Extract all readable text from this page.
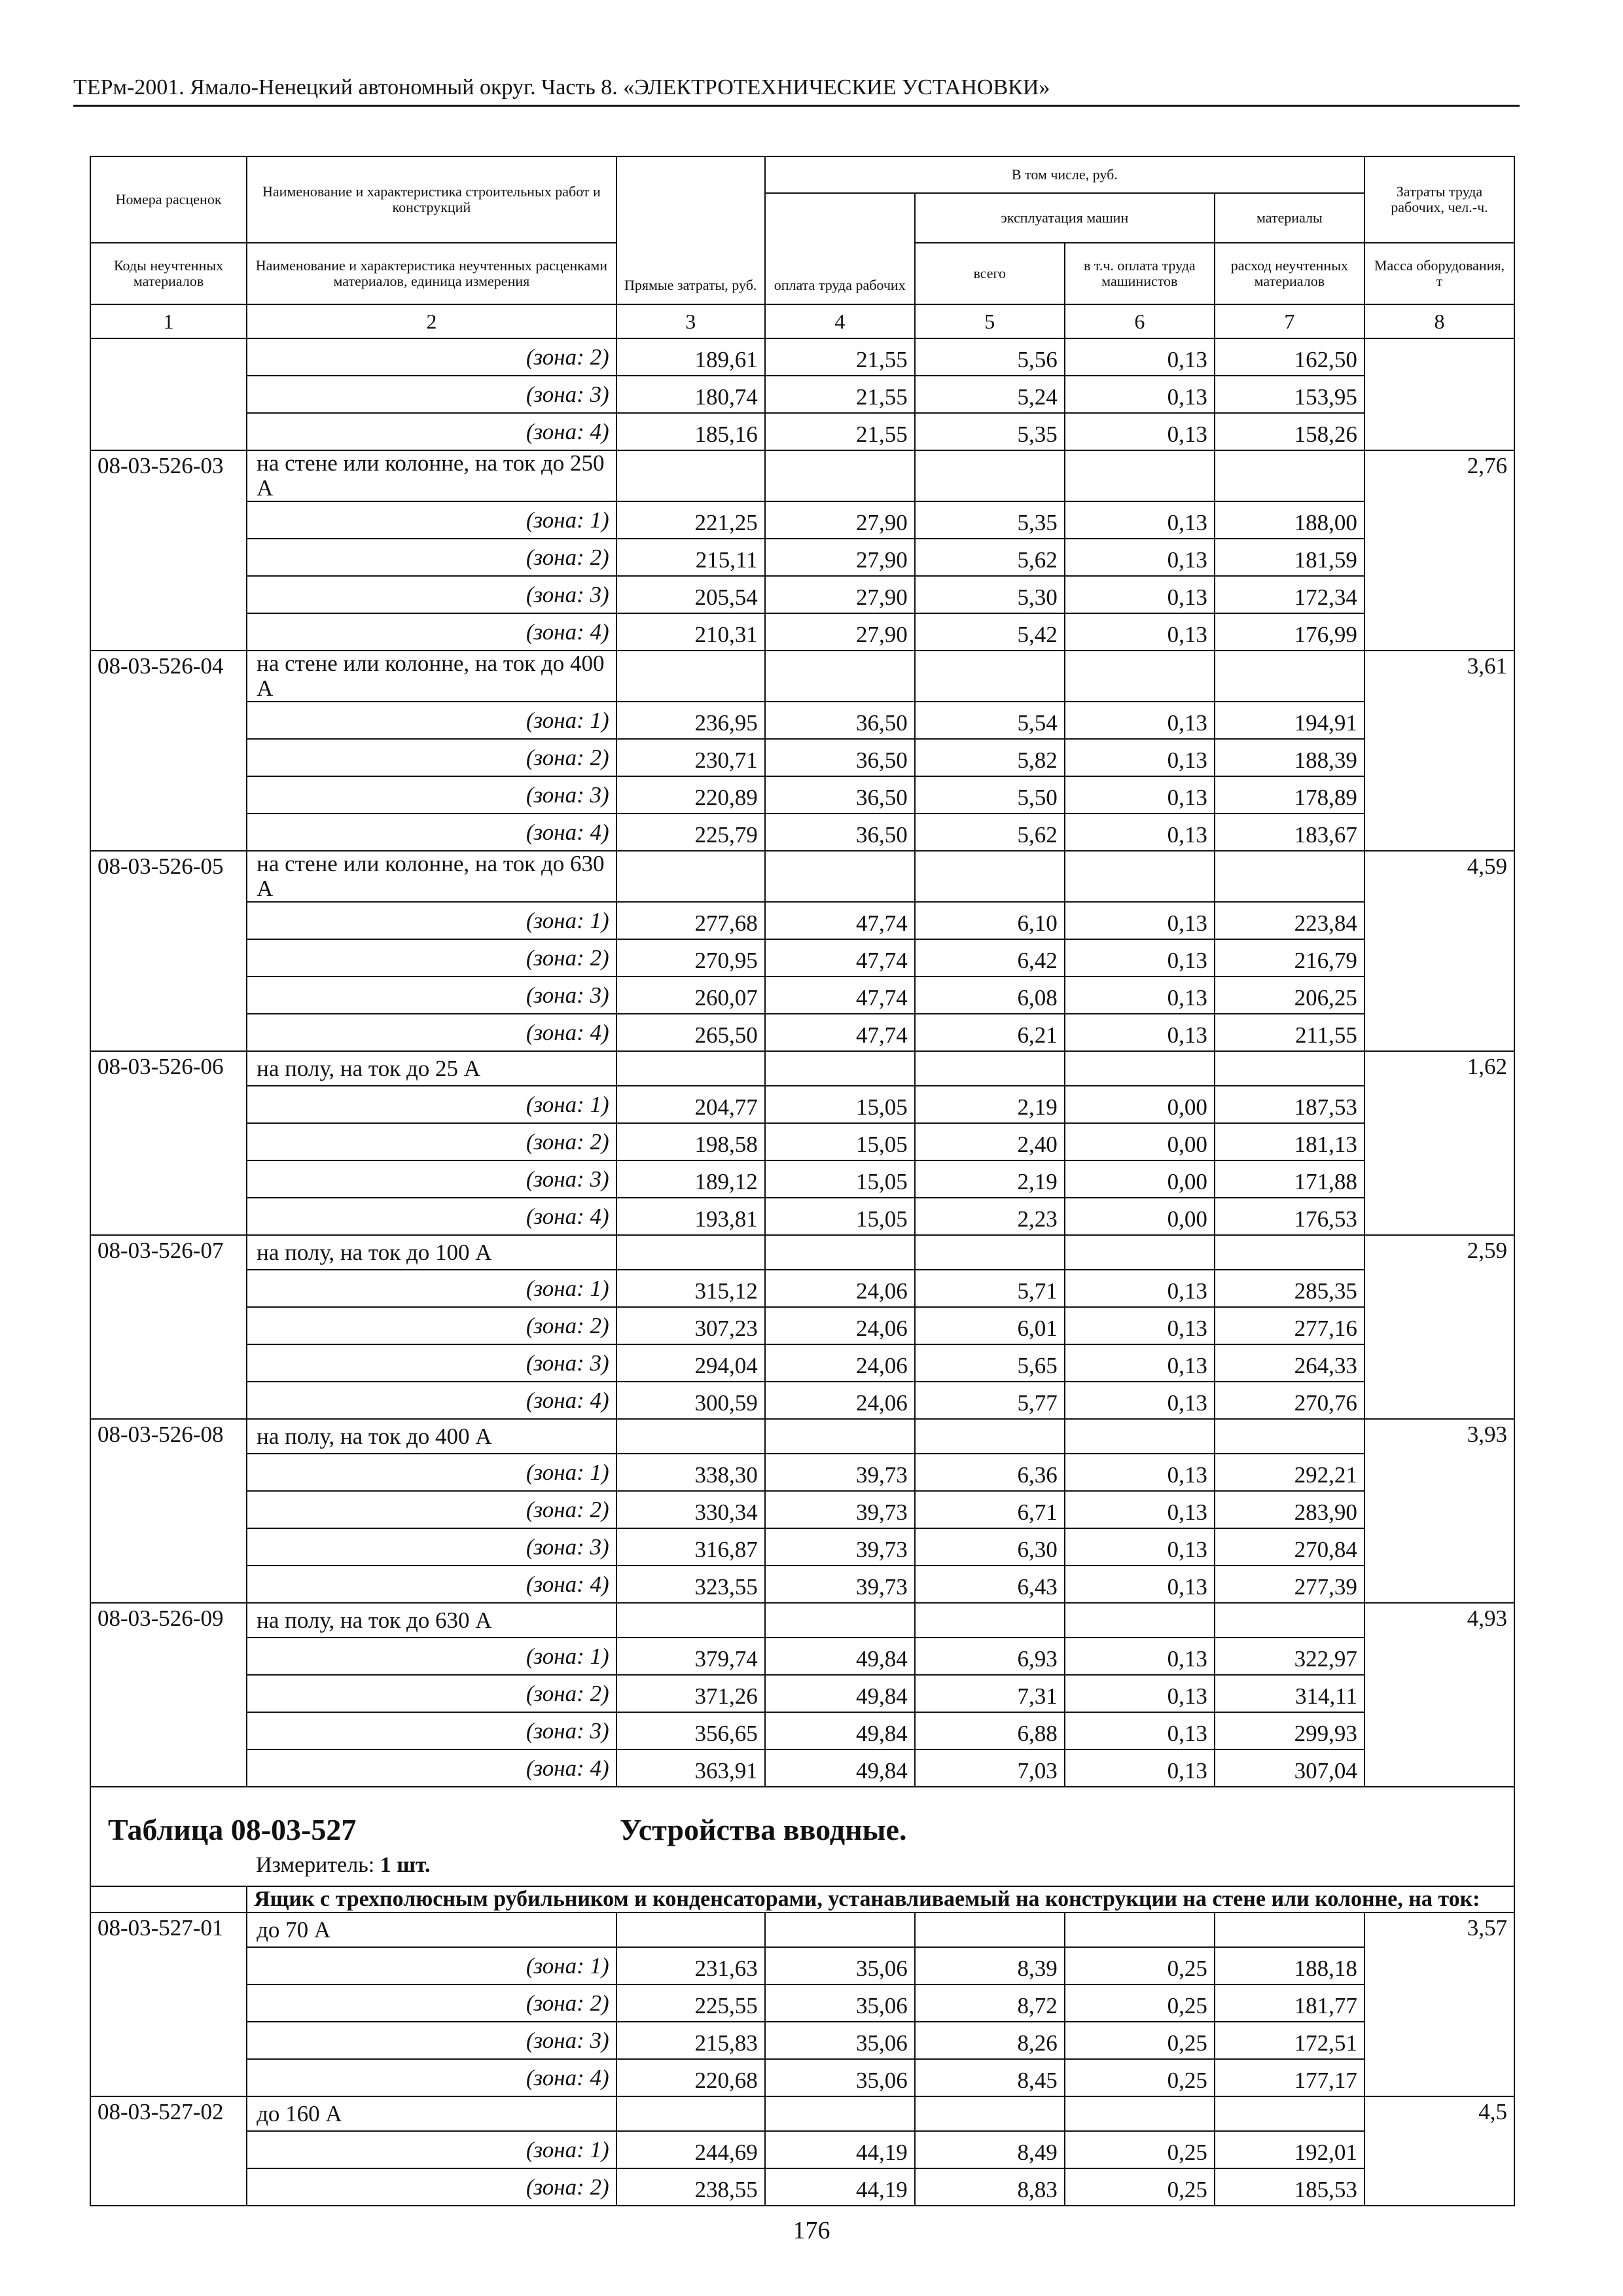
ТЕРм-2001. Ямало-Ненецкий автономный округ. Часть 8. «ЭЛЕКТРОТЕХНИЧЕСКИЕ УСТАНОВКИ»
Номера расценок	Наименование и характеристика строительных работ и конструкций	Прямые затраты, руб.	В том числе, руб.				Затраты труда рабочих, чел.-ч.
			оплата труда рабочих	эксплуатация машин		материалы	
Коды неучтенных материалов	Наименование и характеристика неучтенных расценками материалов, единица измерения			всего	в т.ч. оплата труда машинистов	расход неучтенных материалов	Масса оборудования, т
1	2	3	4	5	6	7	8
	(зона: 2)	189,61	21,55	5,56	0,13	162,50	
	(зона: 3)	180,74	21,55	5,24	0,13	153,95	
	(зона: 4)	185,16	21,55	5,35	0,13	158,26	
08-03-526-03	на стене или колонне, на ток до 250 А						2,76
	(зона: 1)	221,25	27,90	5,35	0,13	188,00	
	(зона: 2)	215,11	27,90	5,62	0,13	181,59	
	(зона: 3)	205,54	27,90	5,30	0,13	172,34	
	(зона: 4)	210,31	27,90	5,42	0,13	176,99	
08-03-526-04	на стене или колонне, на ток до 400 А						3,61
	(зона: 1)	236,95	36,50	5,54	0,13	194,91	
	(зона: 2)	230,71	36,50	5,82	0,13	188,39	
	(зона: 3)	220,89	36,50	5,50	0,13	178,89	
	(зона: 4)	225,79	36,50	5,62	0,13	183,67	
08-03-526-05	на стене или колонне, на ток до 630 А						4,59
	(зона: 1)	277,68	47,74	6,10	0,13	223,84	
	(зона: 2)	270,95	47,74	6,42	0,13	216,79	
	(зона: 3)	260,07	47,74	6,08	0,13	206,25	
	(зона: 4)	265,50	47,74	6,21	0,13	211,55	
08-03-526-06	на полу, на ток до 25 А						1,62
	(зона: 1)	204,77	15,05	2,19	0,00	187,53	
	(зона: 2)	198,58	15,05	2,40	0,00	181,13	
	(зона: 3)	189,12	15,05	2,19	0,00	171,88	
	(зона: 4)	193,81	15,05	2,23	0,00	176,53	
08-03-526-07	на полу, на ток до 100 А						2,59
	(зона: 1)	315,12	24,06	5,71	0,13	285,35	
	(зона: 2)	307,23	24,06	6,01	0,13	277,16	
	(зона: 3)	294,04	24,06	5,65	0,13	264,33	
	(зона: 4)	300,59	24,06	5,77	0,13	270,76	
08-03-526-08	на полу, на ток до 400 А						3,93
	(зона: 1)	338,30	39,73	6,36	0,13	292,21	
	(зона: 2)	330,34	39,73	6,71	0,13	283,90	
	(зона: 3)	316,87	39,73	6,30	0,13	270,84	
	(зона: 4)	323,55	39,73	6,43	0,13	277,39	
08-03-526-09	на полу, на ток до 630 А						4,93
	(зона: 1)	379,74	49,84	6,93	0,13	322,97	
	(зона: 2)	371,26	49,84	7,31	0,13	314,11	
	(зона: 3)	356,65	49,84	6,88	0,13	299,93	
	(зона: 4)	363,91	49,84	7,03	0,13	307,04	

Таблица 08-03-527 Устройства вводные.
Измеритель: 1 шт.							

	Ящик с трехполюсным рубильником и конденсаторами, устанавливаемый на конструкции на стене или колонне, на ток:						
08-03-527-01	до 70 А						3,57
	(зона: 1)	231,63	35,06	8,39	0,25	188,18	
	(зона: 2)	225,55	35,06	8,72	0,25	181,77	
	(зона: 3)	215,83	35,06	8,26	0,25	172,51	
	(зона: 4)	220,68	35,06	8,45	0,25	177,17	
08-03-527-02	до 160 А						4,5
	(зона: 1)	244,69	44,19	8,49	0,25	192,01	
	(зона: 2)	238,55	44,19	8,83	0,25	185,53	
176
